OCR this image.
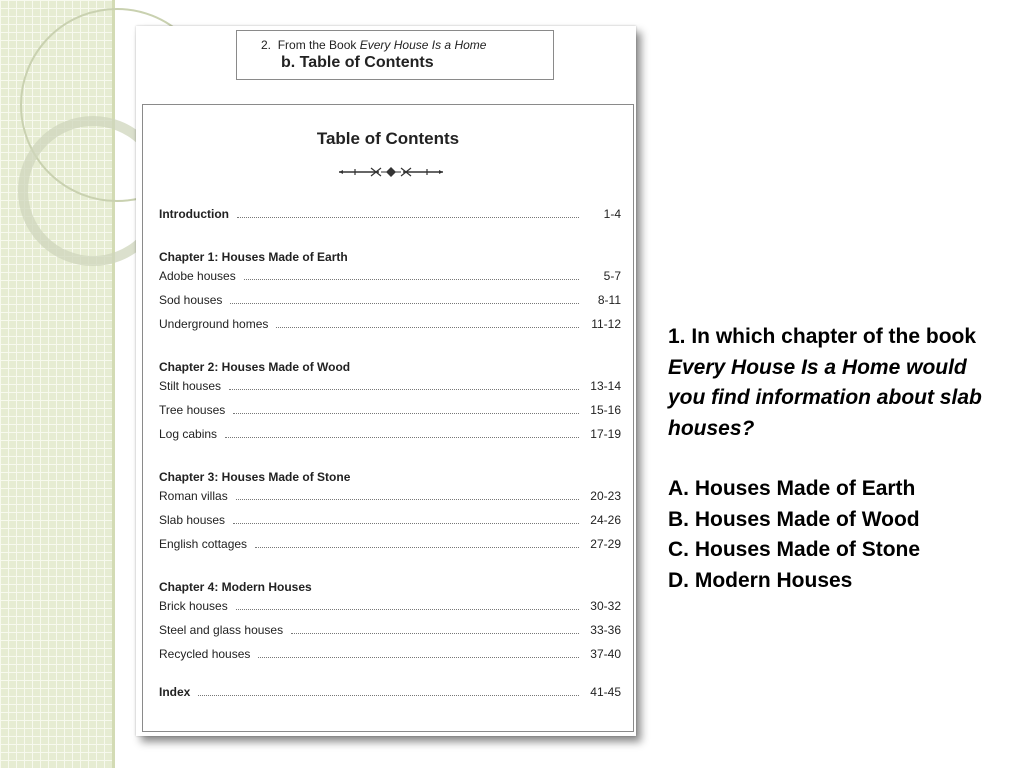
2. From the Book Every House Is a Home
b. Table of Contents
Table of Contents
Introduction	1-4
Chapter 1: Houses Made of Earth
Adobe houses	5-7
Sod houses	8-11
Underground homes	11-12
Chapter 2: Houses Made of Wood
Stilt houses	13-14
Tree houses	15-16
Log cabins	17-19
Chapter 3: Houses Made of Stone
Roman villas	20-23
Slab houses	24-26
English cottages	27-29
Chapter 4: Modern Houses
Brick houses	30-32
Steel and glass houses	33-36
Recycled houses	37-40
Index	41-45

1. In which chapter of the book Every House Is a Home would you find information about slab houses?

A. Houses Made of Earth
B. Houses Made of Wood
C. Houses Made of Stone
D. Modern Houses
